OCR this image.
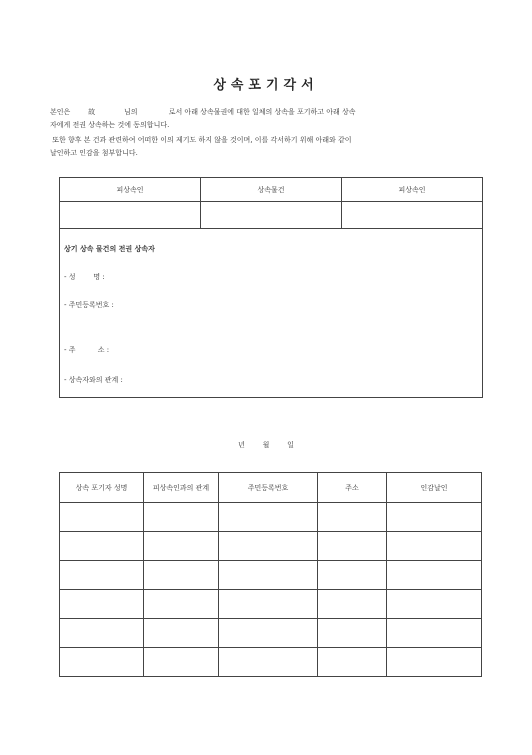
상속포기각서
본인은        故             님의              로서 아래 상속물권에 대한 일체의 상속을 포기하고 아래 상속
자에게 전권 상속하는 것에 동의합니다.
또한 향후 본 건과 관련하여 어떠한 이의 제기도 하지 않을 것이며, 이를 각서하기 위해 아래와 같이
날인하고 인감을 첨부합니다.
피상속인	상속물건	피상속인

상기 상속 물건의 전권 상속자
- 성        명 :
- 주민등록번호 :
- 주          소 :
- 상속자와의 관계 :		
년        월        일
상속 포기자 성명	피상속인과의 관계	주민등록번호	주소	인감날인
